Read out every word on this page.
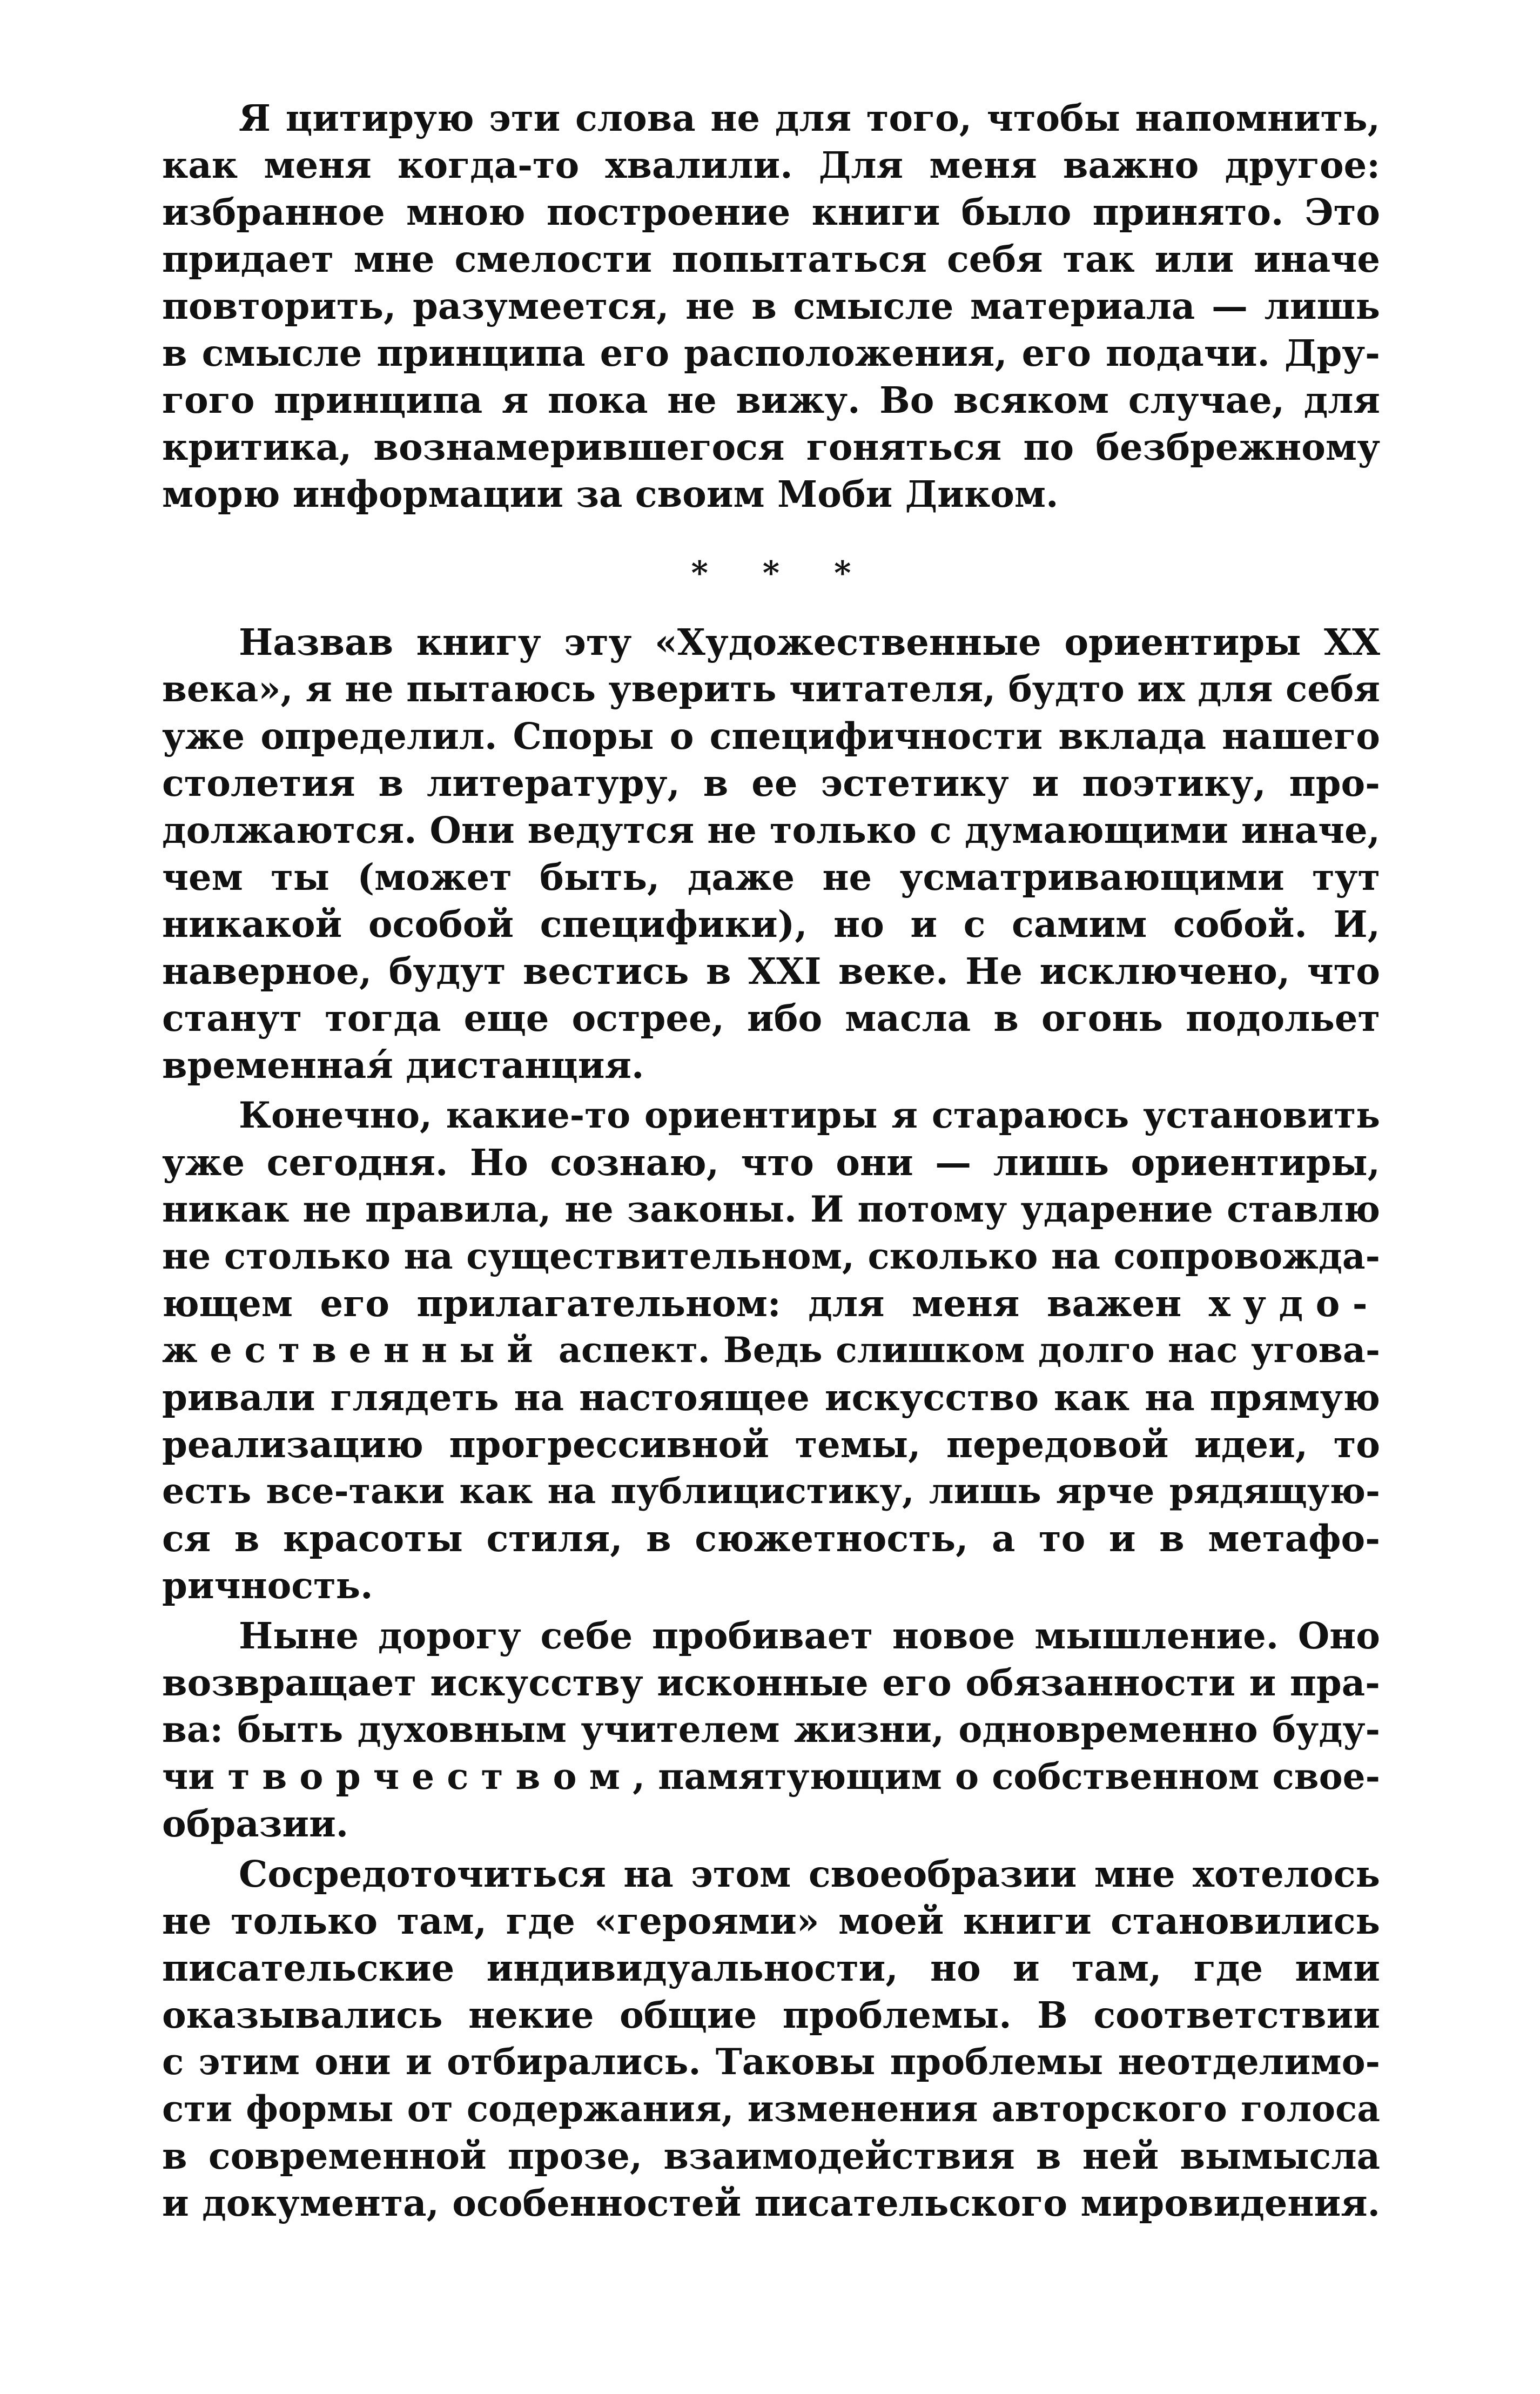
Я цитирую эти слова не для того, чтобы напомнить,
как меня когда-то хвалили. Для меня важно другое:
избранное мною построение книги было принято. Это
придает мне смелости попытаться себя так или иначе
повторить, разумеется, не в смысле материала — лишь
в смысле принципа его расположения, его подачи. Дру-
гого принципа я пока не вижу. Во всяком случае, для
критика, вознамерившегося гоняться по безбрежному
морю информации за своим Моби Диком.
* * *
Назвав книгу эту «Художественные ориентиры XX
века», я не пытаюсь уверить читателя, будто их для себя
уже определил. Споры о специфичности вклада нашего
столетия в литературу, в ее эстетику и поэтику, про-
должаются. Они ведутся не только с думающими иначе,
чем ты (может быть, даже не усматривающими тут
никакой особой специфики), но и с самим собой. И,
наверное, будут вестись в XXI веке. Не исключено, что
станут тогда еще острее, ибо масла в огонь подольет
временная́ дистанция.
Конечно, какие-то ориентиры я стараюсь установить
уже сегодня. Но сознаю, что они — лишь ориентиры,
никак не правила, не законы. И потому ударение ставлю
не столько на существительном, сколько на сопровожда-
ющем его прилагательном: для меня важен худо-
жественный аспект. Ведь слишком долго нас угова-
ривали глядеть на настоящее искусство как на прямую
реализацию прогрессивной темы, передовой идеи, то
есть все-таки как на публицистику, лишь ярче рядящую-
ся в красоты стиля, в сюжетность, а то и в метафо-
ричность.
Ныне дорогу себе пробивает новое мышление. Оно
возвращает искусству исконные его обязанности и пра-
ва: быть духовным учителем жизни, одновременно буду-
чи творчеством, памятующим о собственном свое-
образии.
Сосредоточиться на этом своеобразии мне хотелось
не только там, где «героями» моей книги становились
писательские индивидуальности, но и там, где ими
оказывались некие общие проблемы. В соответствии
с этим они и отбирались. Таковы проблемы неотделимо-
сти формы от содержания, изменения авторского голоса
в современной прозе, взаимодействия в ней вымысла
и документа, особенностей писательского мировидения.
